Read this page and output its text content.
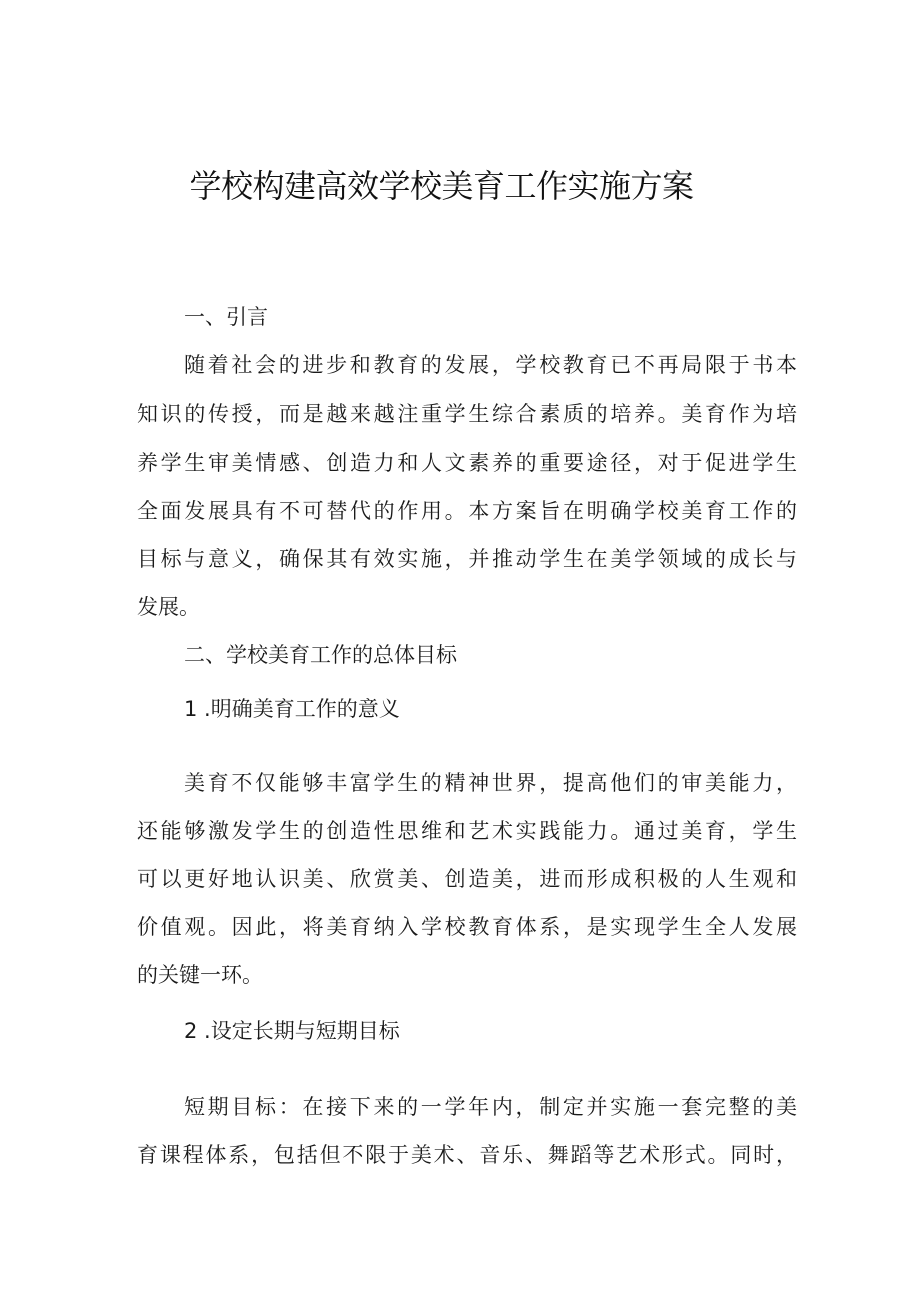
学校构建高效学校美育工作实施方案

一、引言

随着社会的进步和教育的发展，学校教育已不再局限于书本

知识的传授，而是越来越注重学生综合素质的培养。美育作为培

养学生审美情感、创造力和人文素养的重要途径，对于促进学生

全面发展具有不可替代的作用。本方案旨在明确学校美育工作的

目标与意义，确保其有效实施，并推动学生在美学领域的成长与

发展。

二、学校美育工作的总体目标

1 .明确美育工作的意义

美育不仅能够丰富学生的精神世界，提高他们的审美能力，

还能够激发学生的创造性思维和艺术实践能力。通过美育，学生

可以更好地认识美、欣赏美、创造美，进而形成积极的人生观和

价值观。因此，将美育纳入学校教育体系，是实现学生全人发展

的关键一环。

2 .设定长期与短期目标

短期目标：在接下来的一学年内，制定并实施一套完整的美

育课程体系，包括但不限于美术、音乐、舞蹈等艺术形式。同时，
